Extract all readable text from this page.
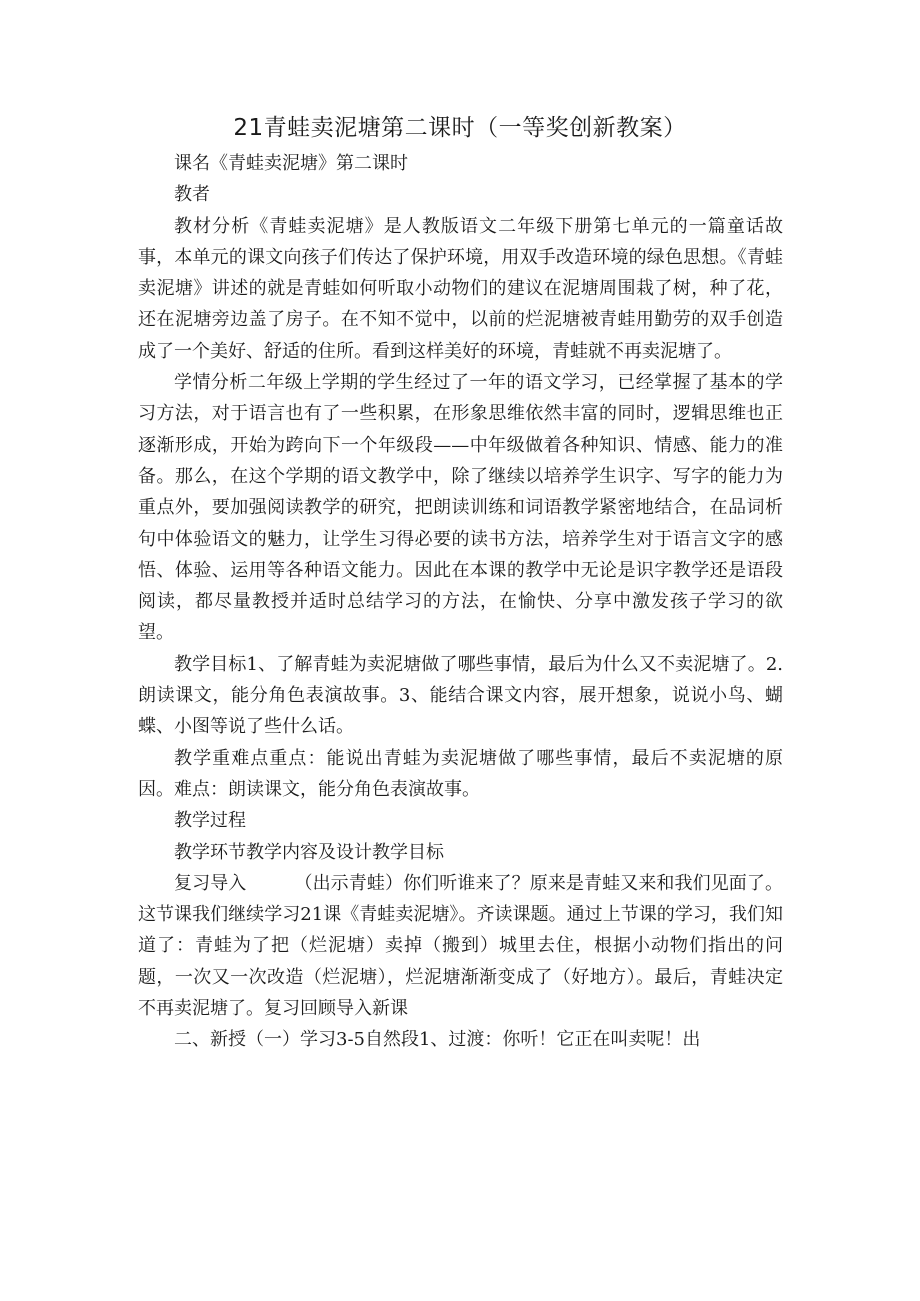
21青蛙卖泥塘第二课时（一等奖创新教案）

课名《青蛙卖泥塘》第二课时

教者

教材分析《青蛙卖泥塘》是人教版语文二年级下册第七单元的一篇童话故事，本单元的课文向孩子们传达了保护环境，用双手改造环境的绿色思想。《青蛙卖泥塘》讲述的就是青蛙如何听取小动物们的建议在泥塘周围栽了树，种了花，还在泥塘旁边盖了房子。在不知不觉中，以前的烂泥塘被青蛙用勤劳的双手创造成了一个美好、舒适的住所。看到这样美好的环境，青蛙就不再卖泥塘了。

学情分析二年级上学期的学生经过了一年的语文学习，已经掌握了基本的学习方法，对于语言也有了一些积累，在形象思维依然丰富的同时，逻辑思维也正逐渐形成，开始为跨向下一个年级段——中年级做着各种知识、情感、能力的准备。那么，在这个学期的语文教学中，除了继续以培养学生识字、写字的能力为重点外，要加强阅读教学的研究，把朗读训练和词语教学紧密地结合，在品词析句中体验语文的魅力，让学生习得必要的读书方法，培养学生对于语言文字的感悟、体验、运用等各种语文能力。因此在本课的教学中无论是识字教学还是语段阅读，都尽量教授并适时总结学习的方法，在愉快、分享中激发孩子学习的欲望。

教学目标1、了解青蛙为卖泥塘做了哪些事情，最后为什么又不卖泥塘了。2.朗读课文，能分角色表演故事。3、能结合课文内容，展开想象，说说小鸟、蝴蝶、小图等说了些什么话。

教学重难点重点：能说出青蛙为卖泥塘做了哪些事情，最后不卖泥塘的原因。难点：朗读课文，能分角色表演故事。

教学过程

教学环节教学内容及设计教学目标

复习导入	（出示青蛙）你们听谁来了？原来是青蛙又来和我们见面了。这节课我们继续学习21课《青蛙卖泥塘》。齐读课题。通过上节课的学习，我们知道了：青蛙为了把（烂泥塘）卖掉（搬到）城里去住，根据小动物们指出的问题，一次又一次改造（烂泥塘），烂泥塘渐渐变成了（好地方）。最后，青蛙决定不再卖泥塘了。复习回顾导入新课

二、新授（一）学习3-5自然段1、过渡：你听！它正在叫卖呢！出
